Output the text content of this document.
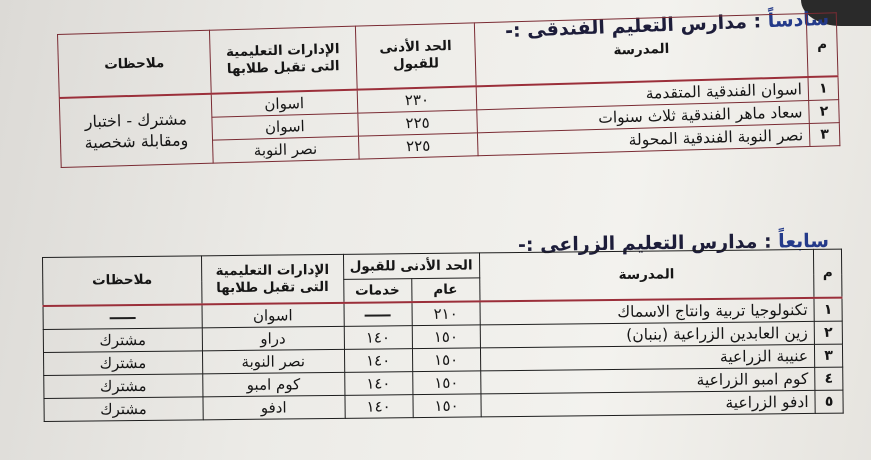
سادساً : مدارس التعليم الفندقى :-
م	المدرسة	الحد الأدنى للقبول	الإدارات التعليمية التى تقبل طلابها	ملاحظات
١	اسوان الفندقية المتقدمة	٢٣٠	اسوان	مشترك - اختبار ومقابلة شخصية
٢	سعاد ماهر الفندقية ثلاث سنوات	٢٢٥	اسوان	
٣	نصر النوبة الفندقية المحولة	٢٢٥	نصر النوبة	
سابعاً : مدارس التعليم الزراعى :-
م	المدرسة	الحد الأدنى للقبول		الإدارات التعليمية التى تقبل طلابها	ملاحظات
		عام	خدمات		
١	تكنولوجيا تربية وانتاج الاسماك	٢١٠		اسوان	
٢	زين العابدين الزراعية (بنبان)	١٥٠	١٤٠	دراو	مشترك
٣	عنيبة الزراعية	١٥٠	١٤٠	نصر النوبة	مشترك
٤	كوم امبو الزراعية	١٥٠	١٤٠	كوم امبو	مشترك
٥	ادفو الزراعية	١٥٠	١٤٠	ادفو	مشترك
